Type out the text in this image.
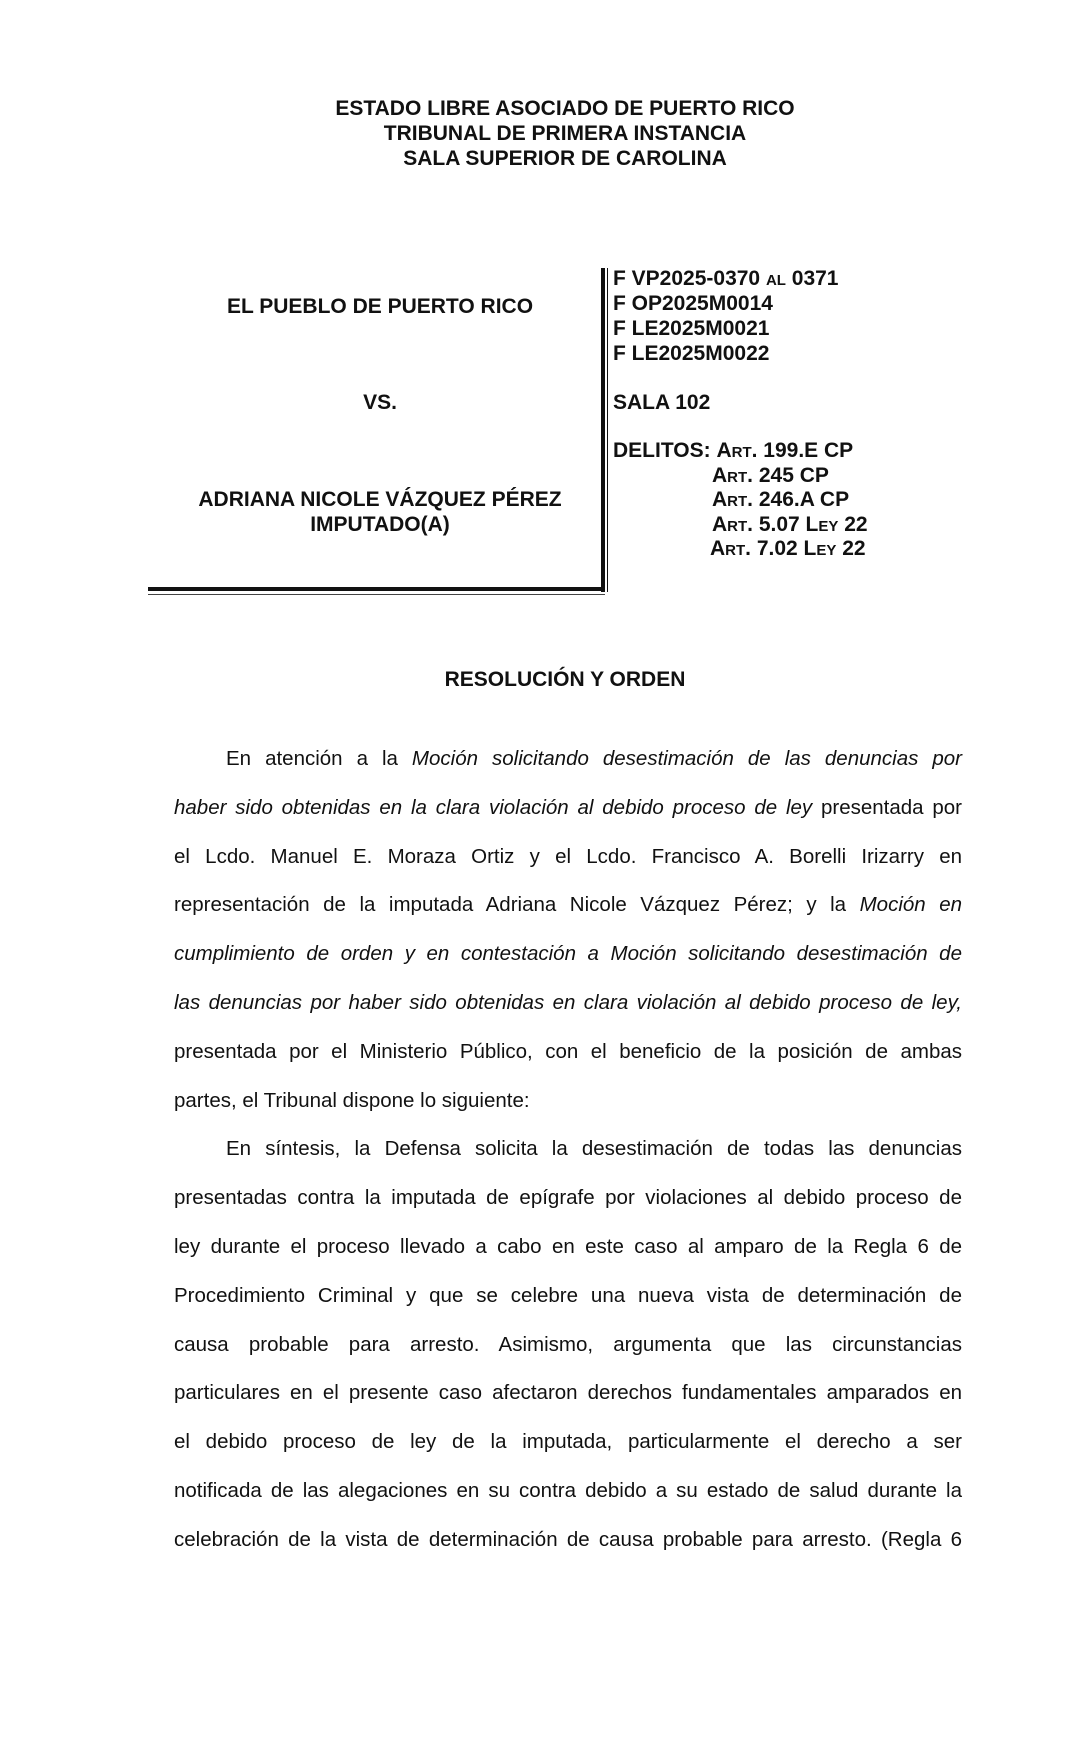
ESTADO LIBRE ASOCIADO DE PUERTO RICO
TRIBUNAL DE PRIMERA INSTANCIA
SALA SUPERIOR DE CAROLINA
EL PUEBLO DE PUERTO RICO
VS.
ADRIANA NICOLE VÁZQUEZ PÉREZ
IMPUTADO(A)
F VP2025-0370 al 0371
F OP2025M0014
F LE2025M0021
F LE2025M0022
SALA 102
DELITOS: Art. 199.E CP
Art. 245 CP
Art. 246.A CP
Art. 5.07 Ley 22
Art. 7.02 Ley 22
RESOLUCIÓN Y ORDEN
En atención a la Moción solicitando desestimación de las denuncias por
haber sido obtenidas en la clara violación al debido proceso de ley presentada por
el Lcdo. Manuel E. Moraza Ortiz y el Lcdo. Francisco A. Borelli Irizarry en
representación de la imputada Adriana Nicole Vázquez Pérez; y la Moción en
cumplimiento de orden y en contestación a Moción solicitando desestimación de
las denuncias por haber sido obtenidas en clara violación al debido proceso de ley,
presentada por el Ministerio Público, con el beneficio de la posición de ambas
partes, el Tribunal dispone lo siguiente:
En síntesis, la Defensa solicita la desestimación de todas las denuncias
presentadas contra la imputada de epígrafe por violaciones al debido proceso de
ley durante el proceso llevado a cabo en este caso al amparo de la Regla 6 de
Procedimiento Criminal y que se celebre una nueva vista de determinación de
causa probable para arresto. Asimismo, argumenta que las circunstancias
particulares en el presente caso afectaron derechos fundamentales amparados en
el debido proceso de ley de la imputada, particularmente el derecho a ser
notificada de las alegaciones en su contra debido a su estado de salud durante la
celebración de la vista de determinación de causa probable para arresto. (Regla 6
